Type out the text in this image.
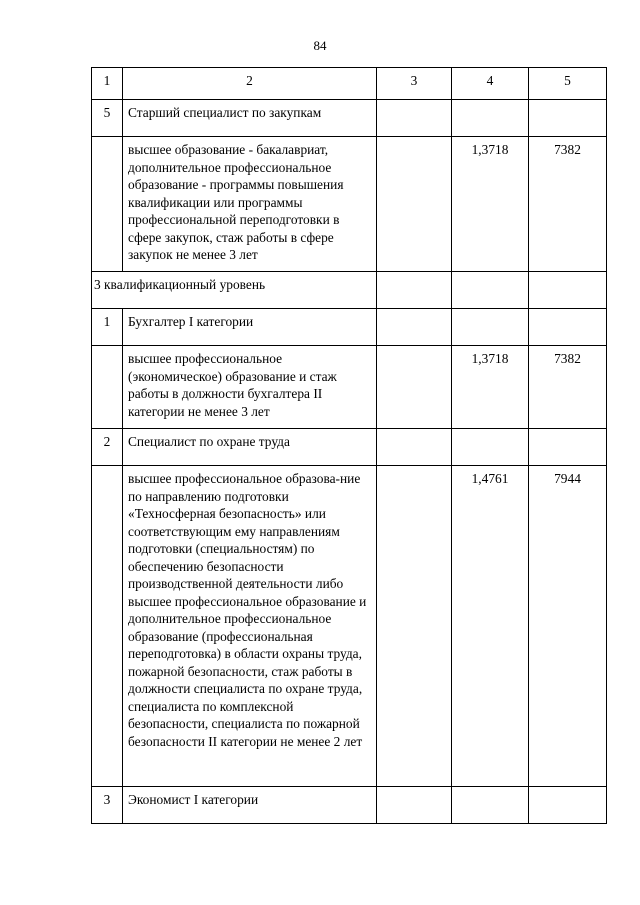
84
1	2	3	4	5
5	Старший специалист по закупкам			
	высшее образование - бакалавриат, дополнительное профессиональное образование - программы повышения квалификации или программы профессиональной переподготовки в сфере закупок, стаж работы в сфере закупок не менее 3 лет		1,3718	7382
3 квалификационный уровень				
1	Бухгалтер I категории			
	высшее профессиональное (экономическое) образование и стаж работы в должности бухгалтера II категории не менее 3 лет		1,3718	7382
2	Специалист по охране труда			
	высшее профессиональное образова-ние по направлению подготовки «Техносферная безопасность» или соответствующим ему направлениям подготовки (специальностям) по обеспечению безопасности производственной деятельности либо высшее профессиональное образование и дополнительное профессиональное образование (профессиональная переподготовка) в области охраны труда, пожарной безопасности, стаж работы в должности специалиста по охране труда, специалиста по комплексной безопасности, специалиста по пожарной безопасности II категории не менее 2 лет		1,4761	7944
3	Экономист I категории			
